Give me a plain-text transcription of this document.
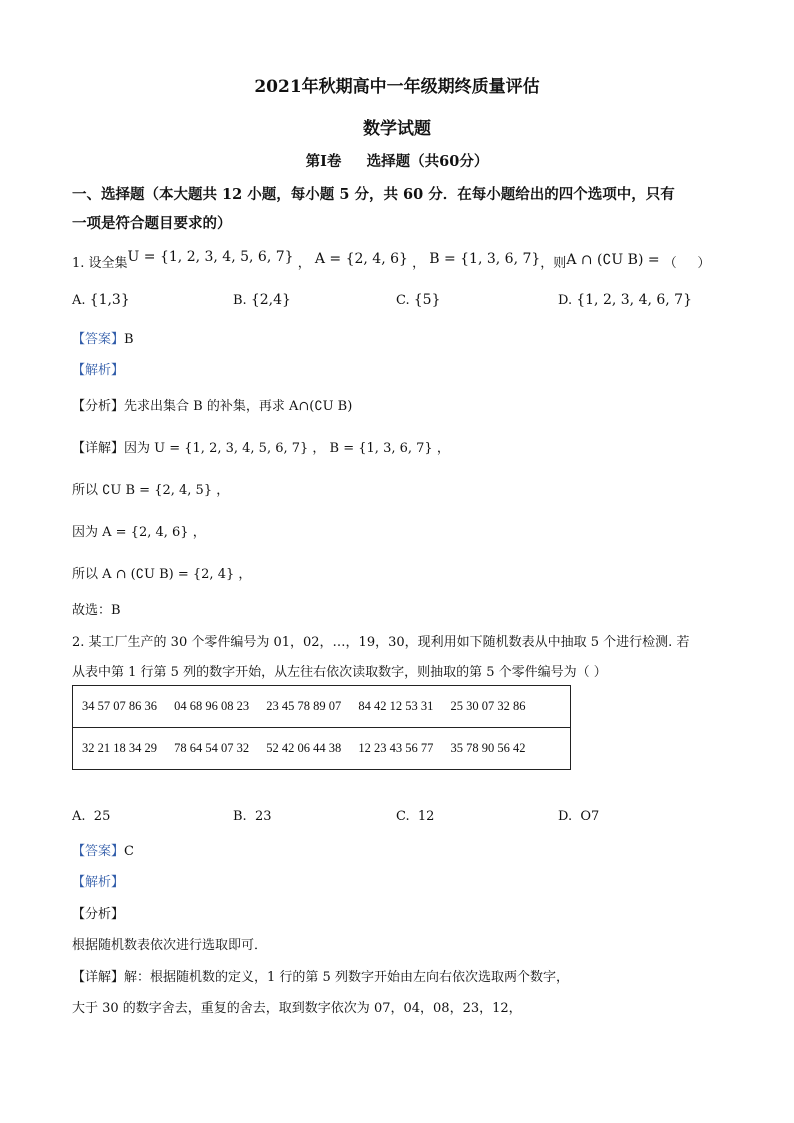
2021年秋期高中一年级期终质量评估
数学试题
第Ⅰ卷     选择题（共60分）
一、选择题（本大题共 12 小题，每小题 5 分，共 60 分．在每小题给出的四个选项中，只有
一项是符合题目要求的）
1. 设全集U = {1, 2, 3, 4, 5, 6, 7} ， A = {2, 4, 6} ， B = {1, 3, 6, 7}，则A ∩ (∁U B) = （     ）
A. {1,3}	B. {2,4}	C. {5}	D. {1, 2, 3, 4, 6, 7}
【答案】B
【解析】
【分析】先求出集合 B 的补集，再求 A∩(∁U B)
【详解】因为 U = {1, 2, 3, 4, 5, 6, 7} ， B = {1, 3, 6, 7} ，
所以 ∁U B = {2, 4, 5} ，
因为 A = {2, 4, 6} ，
所以 A ∩ (∁U B) = {2, 4} ，
故选：B
2. 某工厂生产的 30 个零件编号为 01，02，…，19，30，现利用如下随机数表从中抽取 5 个进行检测. 若
从表中第 1 行第 5 列的数字开始，从左往右依次读取数字，则抽取的第 5 个零件编号为（ ）
34 57 07 86 36 04 68 96 08 23 23 45 78 89 07 84 42 12 53 31 25 30 07 32 86
32 21 18 34 29 78 64 54 07 32 52 42 06 44 38 12 23 43 56 77 35 78 90 56 42
A. 25	B. 23	C. 12	D. O7
【答案】C
【解析】
【分析】
根据随机数表依次进行选取即可．
【详解】解：根据随机数的定义，1 行的第 5 列数字开始由左向右依次选取两个数字，
大于 30 的数字舍去，重复的舍去，取到数字依次为 07，04，08，23，12，
